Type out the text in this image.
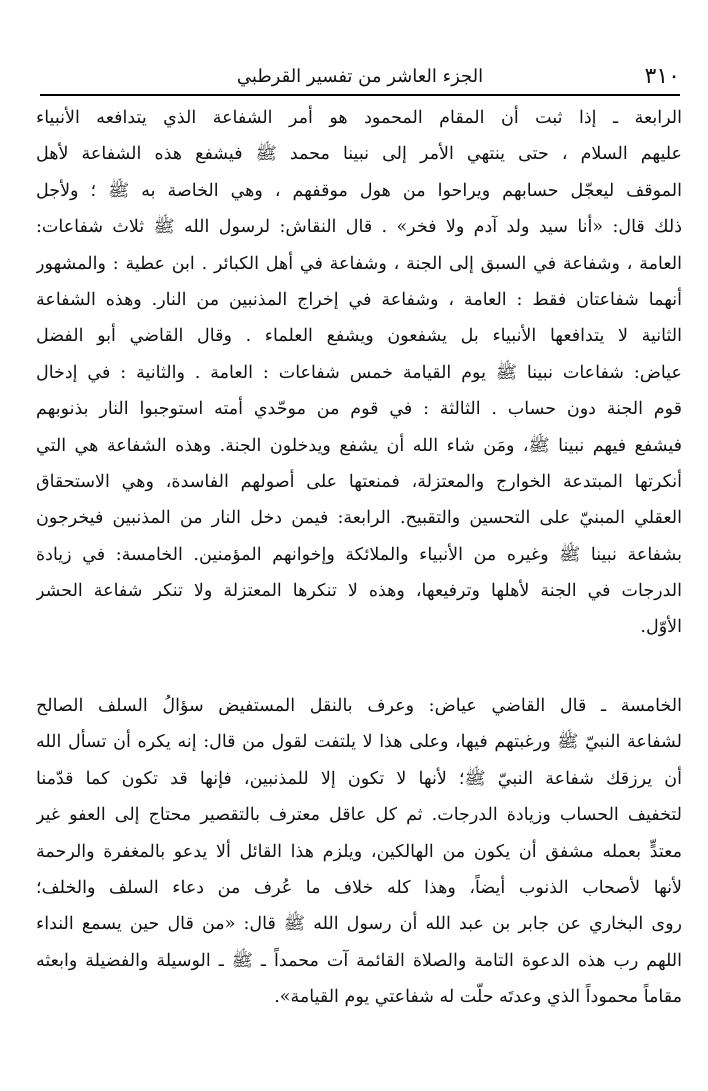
٣١٠
الجزء العاشر من تفسير القرطبي
الرابعة ـ إذا ثبت أن المقام المحمود هو أمر الشفاعة الذي يتدافعه الأنبياء
عليهم السلام ، حتى ينتهي الأمر إلى نبينا محمد ﷺ فيشفع هذه الشفاعة لأهل
الموقف ليعجّل حسابهم ويراحوا من هول موقفهم ، وهي الخاصة به ﷺ ؛ ولأجل
ذلك قال: «أنا سيد ولد آدم ولا فخر» . قال النقاش: لرسول الله ﷺ ثلاث شفاعات:
العامة ، وشفاعة في السبق إلى الجنة ، وشفاعة في أهل الكبائر . ابن عطية : والمشهور
أنهما شفاعتان فقط : العامة ، وشفاعة في إخراج المذنبين من النار. وهذه الشفاعة
الثانية لا يتدافعها الأنبياء بل يشفعون ويشفع العلماء . وقال القاضي أبو الفضل
عياض: شفاعات نبينا ﷺ يوم القيامة خمس شفاعات : العامة . والثانية : في إدخال
قوم الجنة دون حساب . الثالثة : في قوم من موحّدي أمته استوجبوا النار بذنوبهم
فيشفع فيهم نبينا ﷺ، ومَن شاء الله أن يشفع ويدخلون الجنة. وهذه الشفاعة هي التي
أنكرتها المبتدعة الخوارج والمعتزلة، فمنعتها على أصولهم الفاسدة، وهي الاستحقاق
العقلي المبنيّ على التحسين والتقبيح. الرابعة: فيمن دخل النار من المذنبين فيخرجون
بشفاعة نبينا ﷺ وغيره من الأنبياء والملائكة وإخوانهم المؤمنين. الخامسة: في زيادة
الدرجات في الجنة لأهلها وترفيعها، وهذه لا تنكرها المعتزلة ولا تنكر شفاعة الحشر
الأوّل.
الخامسة ـ قال القاضي عياض: وعرف بالنقل المستفيض سؤالُ السلف الصالح
لشفاعة النبيّ ﷺ ورغبتهم فيها، وعلى هذا لا يلتفت لقول من قال: إنه يكره أن تسأل الله
أن يرزقك شفاعة النبيّ ﷺ؛ لأنها لا تكون إلا للمذنبين، فإنها قد تكون كما قدّمنا
لتخفيف الحساب وزيادة الدرجات. ثم كل عاقل معترف بالتقصير محتاج إلى العفو غير
معتدٍّ بعمله مشفق أن يكون من الهالكين، ويلزم هذا القائل ألا يدعو بالمغفرة والرحمة
لأنها لأصحاب الذنوب أيضاً، وهذا كله خلاف ما عُرف من دعاء السلف والخلف؛
روى البخاري عن جابر بن عبد الله أن رسول الله ﷺ قال: «من قال حين يسمع النداء
اللهم رب هذه الدعوة التامة والصلاة القائمة آت محمداً ـ ﷺ ـ الوسيلة والفضيلة وابعثه
مقاماً محموداً الذي وعدتَه حلّت له شفاعتي يوم القيامة».
